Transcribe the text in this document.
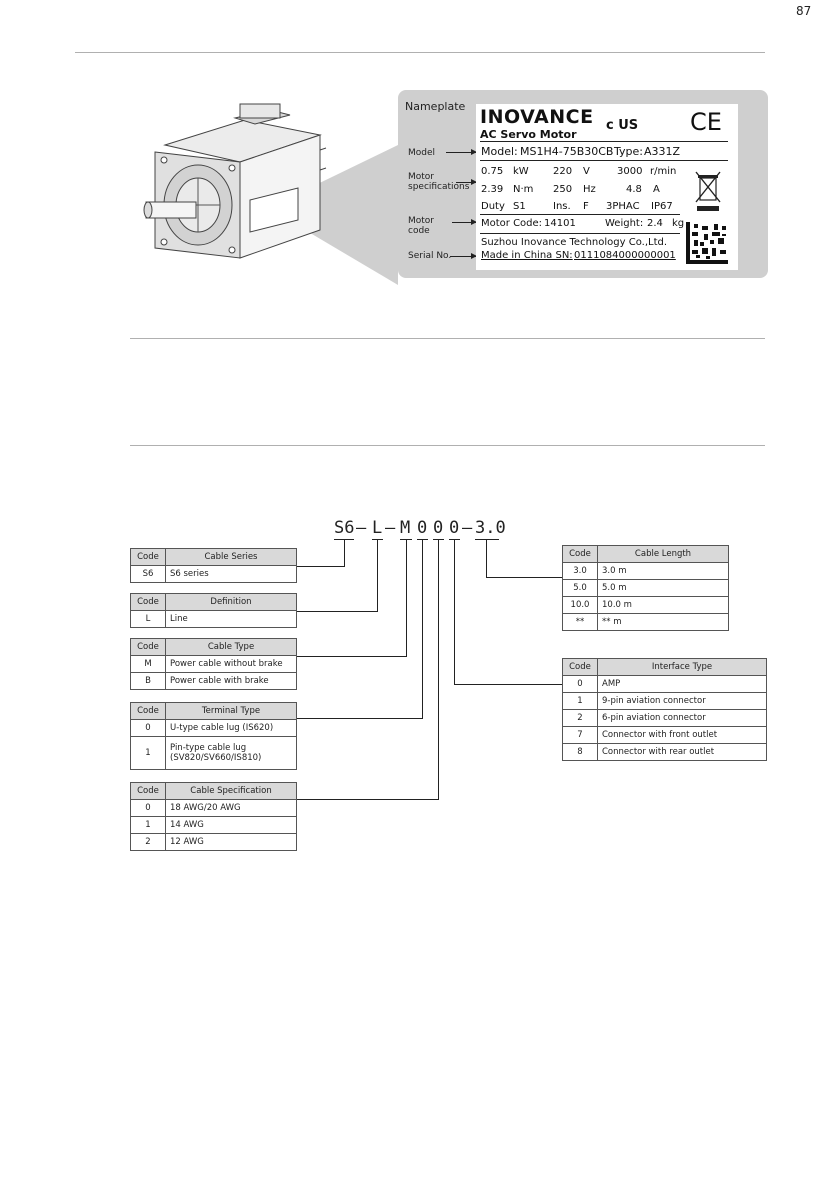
87
Nameplate
Model
Motor specifications
Motor code
Serial No.
INOVANCE
AC Servo Motor
c US CE
Model: MS1H4-75B30CB Type: A331Z
0.75 kW 220 V	3000 r/min
2.39 N·m 250 Hz	4.8 A
Duty S1	Ins. F 3PHAC IP67
Motor Code: 14101	Weight: 2.4 kg
Suzhou Inovance Technology Co.,Ltd.
Made in China SN: 0111084000000001
S6 – L – M 0 0 0 – 3.0
Code	Cable Series
S6	S6 series
Code	Definition
L	Line
Code	Cable Type
M	Power cable without brake
B	Power cable with brake
Code	Terminal Type
0	U-type cable lug (IS620)
1	Pin-type cable lug (SV820/SV660/IS810)
Code	Cable Specification
0	18 AWG/20 AWG
1	14 AWG
2	12 AWG
Code	Cable Length
3.0	3.0 m
5.0	5.0 m
10.0	10.0 m
**	** m
Code	Interface Type
0	AMP
1	9-pin aviation connector
2	6-pin aviation connector
7	Connector with front outlet
8	Connector with rear outlet
